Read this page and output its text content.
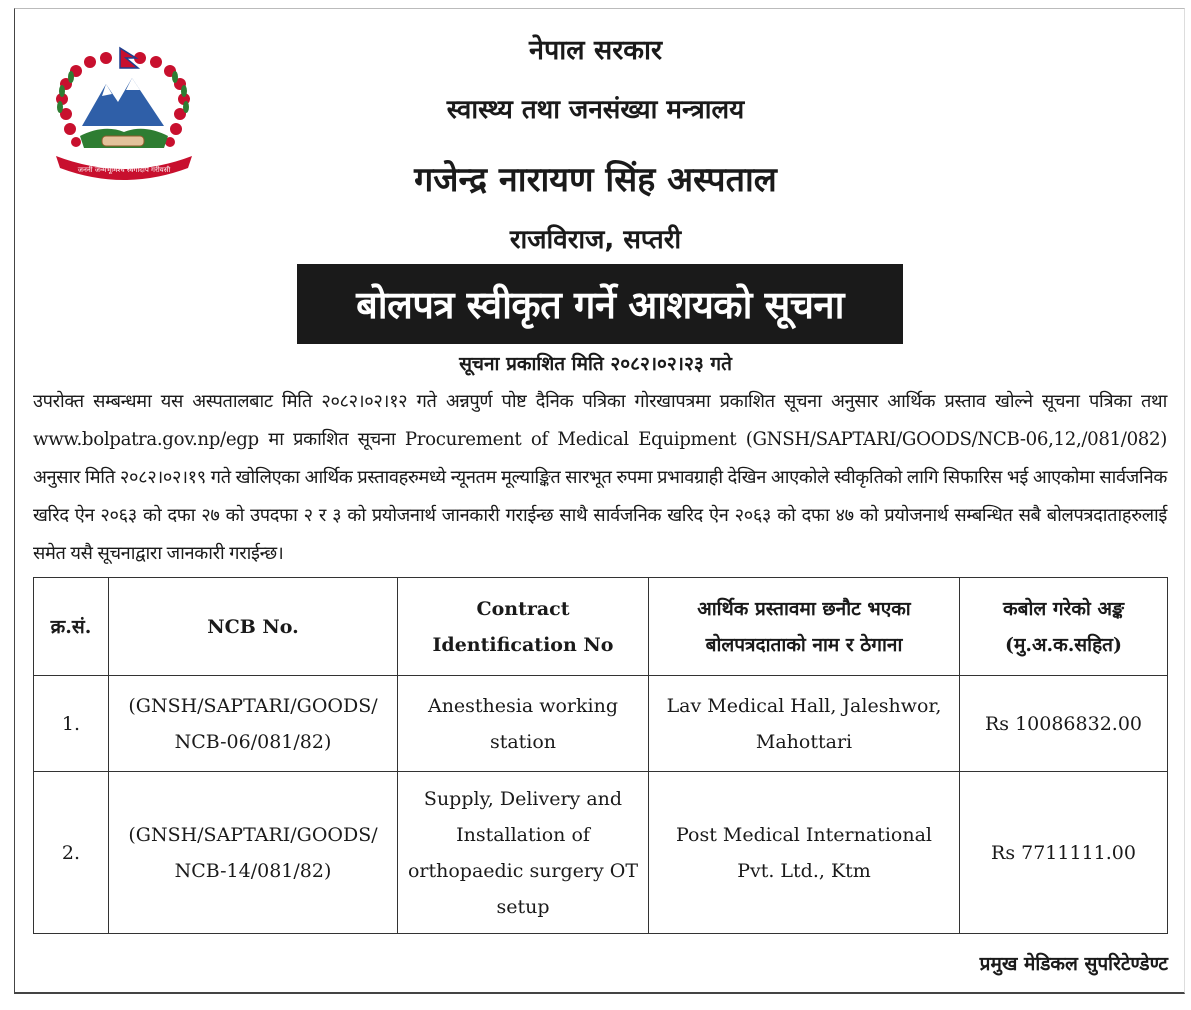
जननी जन्मभूमिश्च स्वर्गादपि गरीयसी
नेपाल सरकार
स्वास्थ्य तथा जनसंख्या मन्त्रालय
गजेन्द्र नारायण सिंह अस्पताल
राजविराज, सप्तरी
बोलपत्र स्वीकृत गर्ने आशयको सूचना
सूचना प्रकाशित मिति २०८२।०२।२३ गते
उपरोक्त सम्बन्धमा यस अस्पतालबाट मिति २०८२।०२।१२ गते अन्नपुर्ण पोष्ट दैनिक पत्रिका गोरखापत्रमा प्रकाशित सूचना अनुसार आर्थिक प्रस्ताव खोल्ने सूचना पत्रिका तथा www.bolpatra.gov.np/egp मा प्रकाशित सूचना Procurement of Medical Equipment (GNSH/SAPTARI/GOODS/NCB-06,12,/081/082) अनुसार मिति २०८२।०२।१९ गते खोलिएका आर्थिक प्रस्तावहरुमध्ये न्यूनतम मूल्याङ्कित सारभूत रुपमा प्रभावग्राही देखिन आएकोले स्वीकृतिको लागि सिफारिस भई आएकोमा सार्वजनिक खरिद ऐन २०६३ को दफा २७ को उपदफा २ र ३ को प्रयोजनार्थ जानकारी गराईन्छ साथै सार्वजनिक खरिद ऐन २०६३ को दफा ४७ को प्रयोजनार्थ सम्बन्धित सबै बोलपत्रदाताहरुलाई समेत यसै सूचनाद्वारा जानकारी गराईन्छ।
क्र.सं.	NCB No.	Contract Identification No	आर्थिक प्रस्तावमा छनौट भएका बोलपत्रदाताको नाम र ठेगाना	कबोल गरेको अङ्क (मु.अ.क.सहित)
1.	(GNSH/SAPTARI/GOODS/ NCB-06/081/82)	Anesthesia working station	Lav Medical Hall, Jaleshwor, Mahottari	Rs 10086832.00
2.	(GNSH/SAPTARI/GOODS/ NCB-14/081/82)	Supply, Delivery and Installation of orthopaedic surgery OT setup	Post Medical International Pvt. Ltd., Ktm	Rs 7711111.00
प्रमुख मेडिकल सुपरिटेण्डेण्ट
